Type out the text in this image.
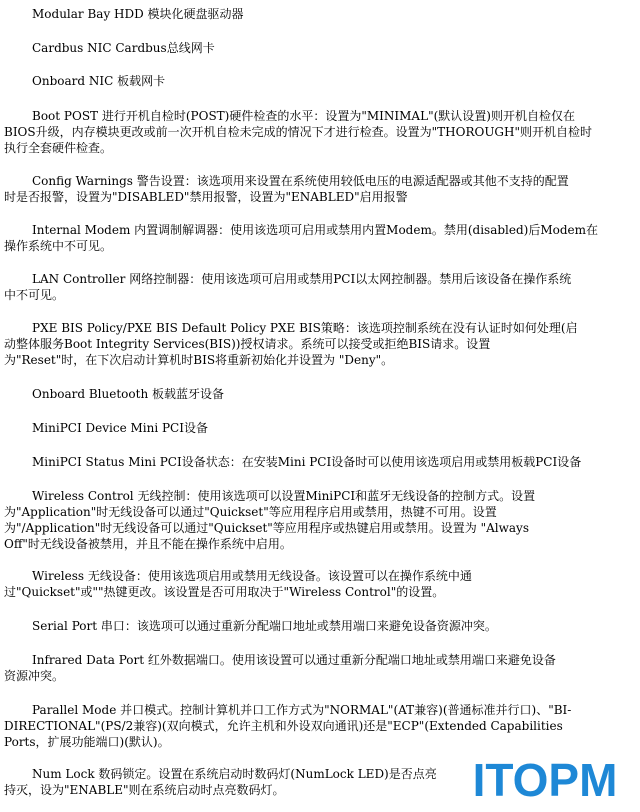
Modular Bay HDD 模块化硬盘驱动器
Cardbus NIC Cardbus总线网卡
Onboard NIC 板载网卡
Boot POST 进行开机自检时(POST)硬件检查的水平：设置为"MINIMAL"(默认设置)则开机自检仅在
BIOS升级，内存模块更改或前一次开机自检未完成的情况下才进行检查。设置为"THOROUGH"则开机自检时
执行全套硬件检查。
Config Warnings 警告设置：该选项用来设置在系统使用较低电压的电源适配器或其他不支持的配置
时是否报警，设置为"DISABLED"禁用报警，设置为"ENABLED"启用报警
Internal Modem 内置调制解调器：使用该选项可启用或禁用内置Modem。禁用(disabled)后Modem在
操作系统中不可见。
LAN Controller 网络控制器：使用该选项可启用或禁用PCI以太网控制器。禁用后该设备在操作系统
中不可见。
PXE BIS Policy/PXE BIS Default Policy PXE BIS策略：该选项控制系统在没有认证时如何处理(启
动整体服务Boot Integrity Services(BIS))授权请求。系统可以接受或拒绝BIS请求。设置
为"Reset"时，在下次启动计算机时BIS将重新初始化并设置为 "Deny"。
Onboard Bluetooth 板载蓝牙设备
MiniPCI Device Mini PCI设备
MiniPCI Status Mini PCI设备状态：在安装Mini PCI设备时可以使用该选项启用或禁用板载PCI设备
Wireless Control 无线控制：使用该选项可以设置MiniPCI和蓝牙无线设备的控制方式。设置
为"Application"时无线设备可以通过"Quickset"等应用程序启用或禁用，热键不可用。设置
为"/Application"时无线设备可以通过"Quickset"等应用程序或热键启用或禁用。设置为 "Always
Off"时无线设备被禁用，并且不能在操作系统中启用。
Wireless 无线设备：使用该选项启用或禁用无线设备。该设置可以在操作系统中通
过"Quickset"或""热键更改。该设置是否可用取决于"Wireless Control"的设置。
Serial Port 串口：该选项可以通过重新分配端口地址或禁用端口来避免设备资源冲突。
Infrared Data Port 红外数据端口。使用该设置可以通过重新分配端口地址或禁用端口来避免设备
资源冲突。
Parallel Mode 并口模式。控制计算机并口工作方式为"NORMAL"(AT兼容)(普通标准并行口)、"BI-
DIRECTIONAL"(PS/2兼容)(双向模式，允许主机和外设双向通讯)还是"ECP"(Extended Capabilities
Ports，扩展功能端口)(默认)。
Num Lock 数码锁定。设置在系统启动时数码灯(NumLock LED)是否点亮
持灭，设为"ENABLE"则在系统启动时点亮数码灯。	ITOPM
